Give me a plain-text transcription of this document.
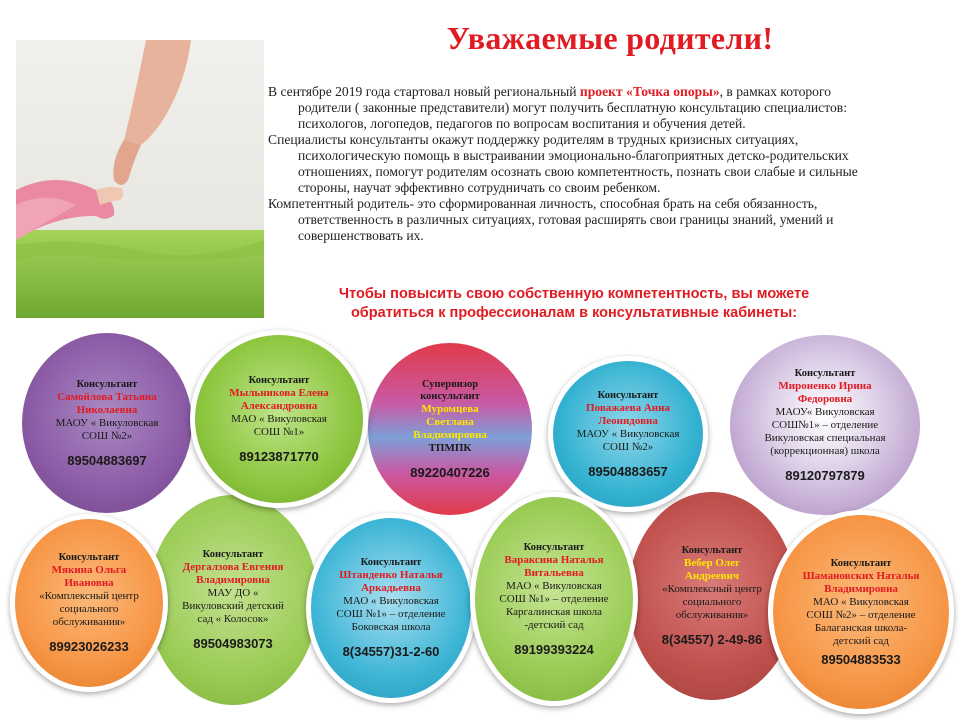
Уважаемые родители!

В сентябре 2019 года стартовал новый региональный проект «Точка опоры», в рамках которого родители ( законные представители) могут получить бесплатную консультацию специалистов: психологов, логопедов, педагогов по вопросам воспитания и обучения детей.

Специалисты консультанты окажут поддержку родителям в трудных кризисных ситуациях, психологическую помощь в выстраивании эмоционально-благоприятных детско-родительских отношениях, помогут родителям осознать свою компетентность, познать свои слабые и сильные стороны, научат эффективно сотрудничать со своим ребенком.

Компетентный родитель- это сформированная личность, способная брать на себя обязанность, ответственность в различных ситуациях, готовая расширять свои границы знаний, умений и совершенствовать их.

Чтобы повысить свою собственную компетентность, вы можете
обратиться к профессионалам в консультативные кабинеты:
Консультант
Самойлова Татьяна Николаевна
МАОУ « Викуловская СОШ №2»
89504883697
Супервизор консультант
Муромцева Светлана Владимировна
ТПМПК
89220407226
Консультант
Мироненко Ирина Федоровна
МАОУ« Викуловская СОШ№1» – отделение Викуловская специальная (коррекционная) школа
89120797879
Консультант
Дергалзова Евгения Владимировна
МАУ ДО « Викуловский детский сад « Колосок»
89504983073
Консультант
Вебер Олег Андреевич
«Комплексный центр социального обслуживания»
8(34557) 2-49-86
Консультант
Мыльникова Елена Александровна
МАО « Викуловская СОШ №1»
89123871770
Консультант
Поважаева Анна Леонидовна
МАОУ « Викуловская СОШ №2»
89504883657
Консультант
Мякина Ольга Ивановна
«Комплексный центр социального обслуживания»
89923026233
Консультант
Штанденко Наталья Аркадьевна
МАО « Викуловская СОШ №1» – отделение Боковская школа
8(34557)31-2-60
Консультант
Вараксина Наталья Витальевна
МАО « Викуловская СОШ №1» – отделение Каргалинская школа -детский сад
89199393224
Консультант
Шамановских Наталья Владимировна
МАО « Викуловская СОШ №2» – отделение Балаганская школа-детский сад
89504883533
